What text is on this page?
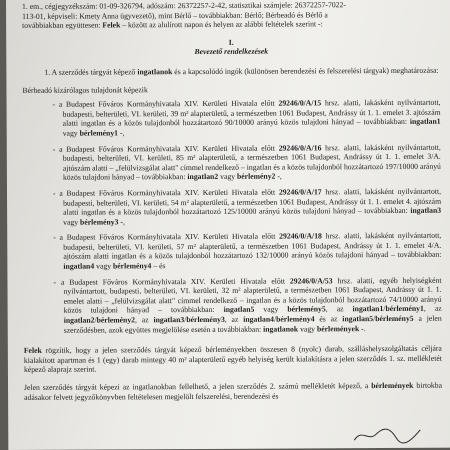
1. em., cégjegyzékszám: 01-09-326794, adószám: 26372257-2-42, statisztikai számjele: 26372257-7022-

113-01, képviseli: Kmety Anna ügyvezető), mint Bérlő – továbbiakban: Bérlő; Bérbeadó és Bérlő a

továbbiakban együttesen: Felek – között az alulírott napon és helyen az alábbi feltételek szerint -:

I.

Bevezető rendelkezések

1. A szerződés tárgyát képező ingatlanok és a kapcsolódó ingók (különösen berendezési és felszerelési tárgyak) meghatározása:

Bérbeadó kizárólagos tulajdonát képezik

- a Budapest Főváros Kormányhivatala XIV. Kerületi Hivatala előtt 29246/0/A/15 hrsz. alatti, lakásként nyilvántartott, budapesti, belterületi, VI. kerületi, 39 m² alapterületű, a természetben 1061 Budapest, Andrássy út 1. 1. emelet 3. ajtószám alatti ingatlan és a közös tulajdonból hozzátartozó 90/10000 arányú közös tulajdoni hányad – továbbiakban: ingatlan1 vagy bérlemény1 -,

- a Budapest Főváros Kormányhivatala XIV. Kerületi Hivatala előtt 29246/0/A/16 hrsz. alatti, lakásként nyilvántartott, budapesti, belterületi, VI. kerületi, 85 m² alapterületű, a természetben 1061 Budapest, Andrássy út 1. 1. emelet 3/A. ajtószám alatti – „felülvizsgálat alatt" címmel rendelkező – ingatlan és a közös tulajdonból hozzátartozó 197/10000 arányú közös tulajdoni hányad – továbbiakban: ingatlan2 vagy bérlemény2 -,

- a Budapest Főváros Kormányhivatala XIV. Kerületi Hivatala előtt 29246/0/A/17 hrsz. alatti, lakásként nyilvántartott, budapesti, belterületi, VI. kerületi, 54 m² alapterületű, a természetben 1061 Budapest, Andrássy út 1. 1. emelet 4. ajtószám alatti ingatlan és a közös tulajdonból hozzátartozó 125/10000 arányú közös tulajdoni hányad – továbbiakban: ingatlan3 vagy bérlemény3 -,

- a Budapest Főváros Kormányhivatala XIV. Kerületi Hivatala előtt 29246/0/A/18 hrsz. alatti, lakásként nyilvántartott, budapesti, belterületi, VI. kerületi, 57 m² alapterületű, a természetben 1061 Budapest, Andrássy út 1. 1. emelet 4/A. ajtószám alatti ingatlan és a közös tulajdonból hozzátartozó 132/10000 arányú közös tulajdoni hányad – továbbiakban: ingatlan4 vagy bérlemény4 – és

- a Budapest Főváros Kormányhivatala XIV. Kerületi Hivatala előtt 29246/0/A/53 hrsz. alatti, egyéb helyiségként nyilvántartott, budapesti, belterületi, VI. kerületi, 32 m² alapterületű, a természetben 1061 Budapest, Andrássy út 1. 1. emelet alatti – „felülvizsgálat alatt" címmel rendelkező – ingatlan és a közös tulajdonból hozzátartozó 74/10000 arányú közös tulajdoni hányad – továbbiakban: ingatlan5 vagy bérlemény5, az ingatlan1/bérlemény1, az ingatlan2/bérlemény2, az ingatlan3/bérlemény3, az ingatlan4/bérlemény4 és az ingatlan5/bérlemény5 a jelen szerződésben, azok együttes megjelölése esetén a továbbiakban: ingatlanok vagy bérlemények -.

Felek rögzítik, hogy a jelen szerződés tárgyát képező bérleményekben összesen 8 (nyolc) darab, szálláshelyszolgáltatás céljára kialakított apartman és 1 (egy) darab mintegy 40 m² alapterületű egyéb helyiség került kialakításra a jelen szerződés 1. sz. mellékletét képező alaprajz szerint.

Jelen szerződés tárgyát képezi az ingatlanokban fellelhető, a jelen szerződés 2. számú mellékletét képező, a bérlemények birtokba adásakor felvett jegyzőkönyvben feltételesen megjelölt felszerelési, berendezési és
